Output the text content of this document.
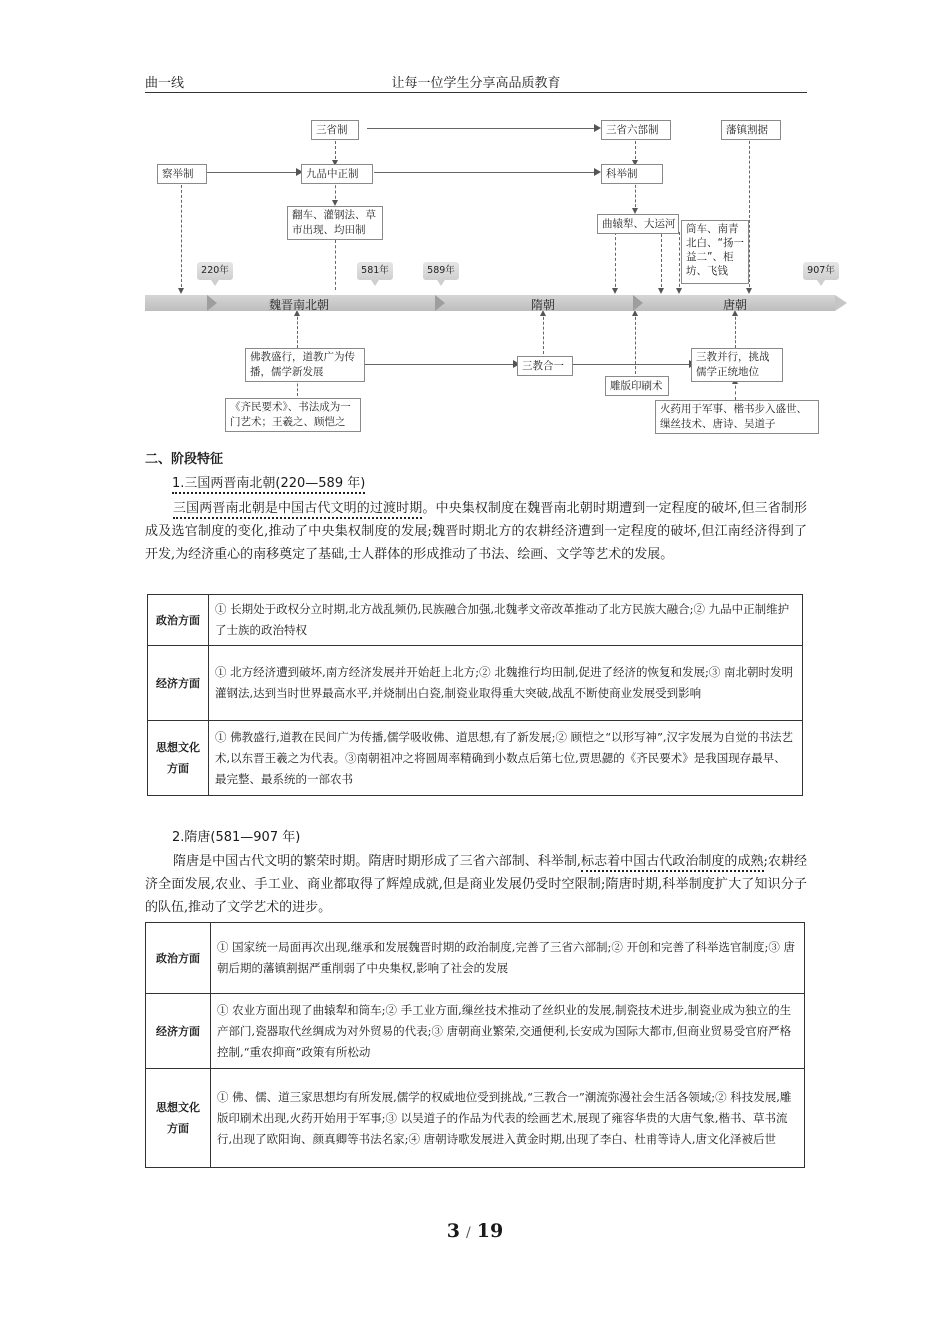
曲一线	让每一位学生分享高品质教育
察举制
三省制
九品中正制
三省六部制
科举制
藩镇割据
翻车、灌钢法、草市出现、均田制	曲辕犁、大运河	筒车、南青北白、“扬一益二”、柜坊、飞钱
佛教盛行，道教广为传播，儒学新发展	三教合一
三教并行，挑战儒学正统地位
雕版印刷术
《齐民要术》、书法成为一门艺术；王羲之、顾恺之
火药用于军事、楷书步入盛世、缫丝技术、唐诗、吴道子
220年	581年	589年	907年
魏晋南北朝	隋朝	唐朝
二、阶段特征
1.三国两晋南北朝(220—589 年)
三国两晋南北朝是中国古代文明的过渡时期。中央集权制度在魏晋南北朝时期遭到一定程度的破坏,但三省制形成及选官制度的变化,推动了中央集权制度的发展;魏晋时期北方的农耕经济遭到一定程度的破坏,但江南经济得到了开发,为经济重心的南移奠定了基础,士人群体的形成推动了书法、绘画、文学等艺术的发展。
政治方面	① 长期处于政权分立时期,北方战乱频仍,民族融合加强,北魏孝文帝改革推动了北方民族大融合;② 九品中正制维护了士族的政治特权
经济方面	① 北方经济遭到破坏,南方经济发展并开始赶上北方;② 北魏推行均田制,促进了经济的恢复和发展;③ 南北朝时发明灌钢法,达到当时世界最高水平,并烧制出白瓷,制瓷业取得重大突破,战乱不断使商业发展受到影响
思想文化方面	① 佛教盛行,道教在民间广为传播,儒学吸收佛、道思想,有了新发展;② 顾恺之“以形写神”,汉字发展为自觉的书法艺术,以东晋王羲之为代表。③南朝祖冲之将圆周率精确到小数点后第七位,贾思勰的《齐民要术》是我国现存最早、最完整、最系统的一部农书
2.隋唐(581—907 年)
隋唐是中国古代文明的繁荣时期。隋唐时期形成了三省六部制、科举制,标志着中国古代政治制度的成熟;农耕经济全面发展,农业、手工业、商业都取得了辉煌成就,但是商业发展仍受时空限制;隋唐时期,科举制度扩大了知识分子的队伍,推动了文学艺术的进步。
政治方面	① 国家统一局面再次出现,继承和发展魏晋时期的政治制度,完善了三省六部制;② 开创和完善了科举选官制度;③ 唐朝后期的藩镇割据严重削弱了中央集权,影响了社会的发展
经济方面	① 农业方面出现了曲辕犁和筒车;② 手工业方面,缫丝技术推动了丝织业的发展,制瓷技术进步,制瓷业成为独立的生产部门,瓷器取代丝绸成为对外贸易的代表;③ 唐朝商业繁荣,交通便利,长安成为国际大都市,但商业贸易受官府严格控制,“重农抑商”政策有所松动
思想文化方面	① 佛、儒、道三家思想均有所发展,儒学的权威地位受到挑战,“三教合一”潮流弥漫社会生活各领域;② 科技发展,雕版印刷术出现,火药开始用于军事;③ 以吴道子的作品为代表的绘画艺术,展现了雍容华贵的大唐气象,楷书、草书流行,出现了欧阳询、颜真卿等书法名家;④ 唐朝诗歌发展进入黄金时期,出现了李白、杜甫等诗人,唐文化泽被后世
3 / 19
